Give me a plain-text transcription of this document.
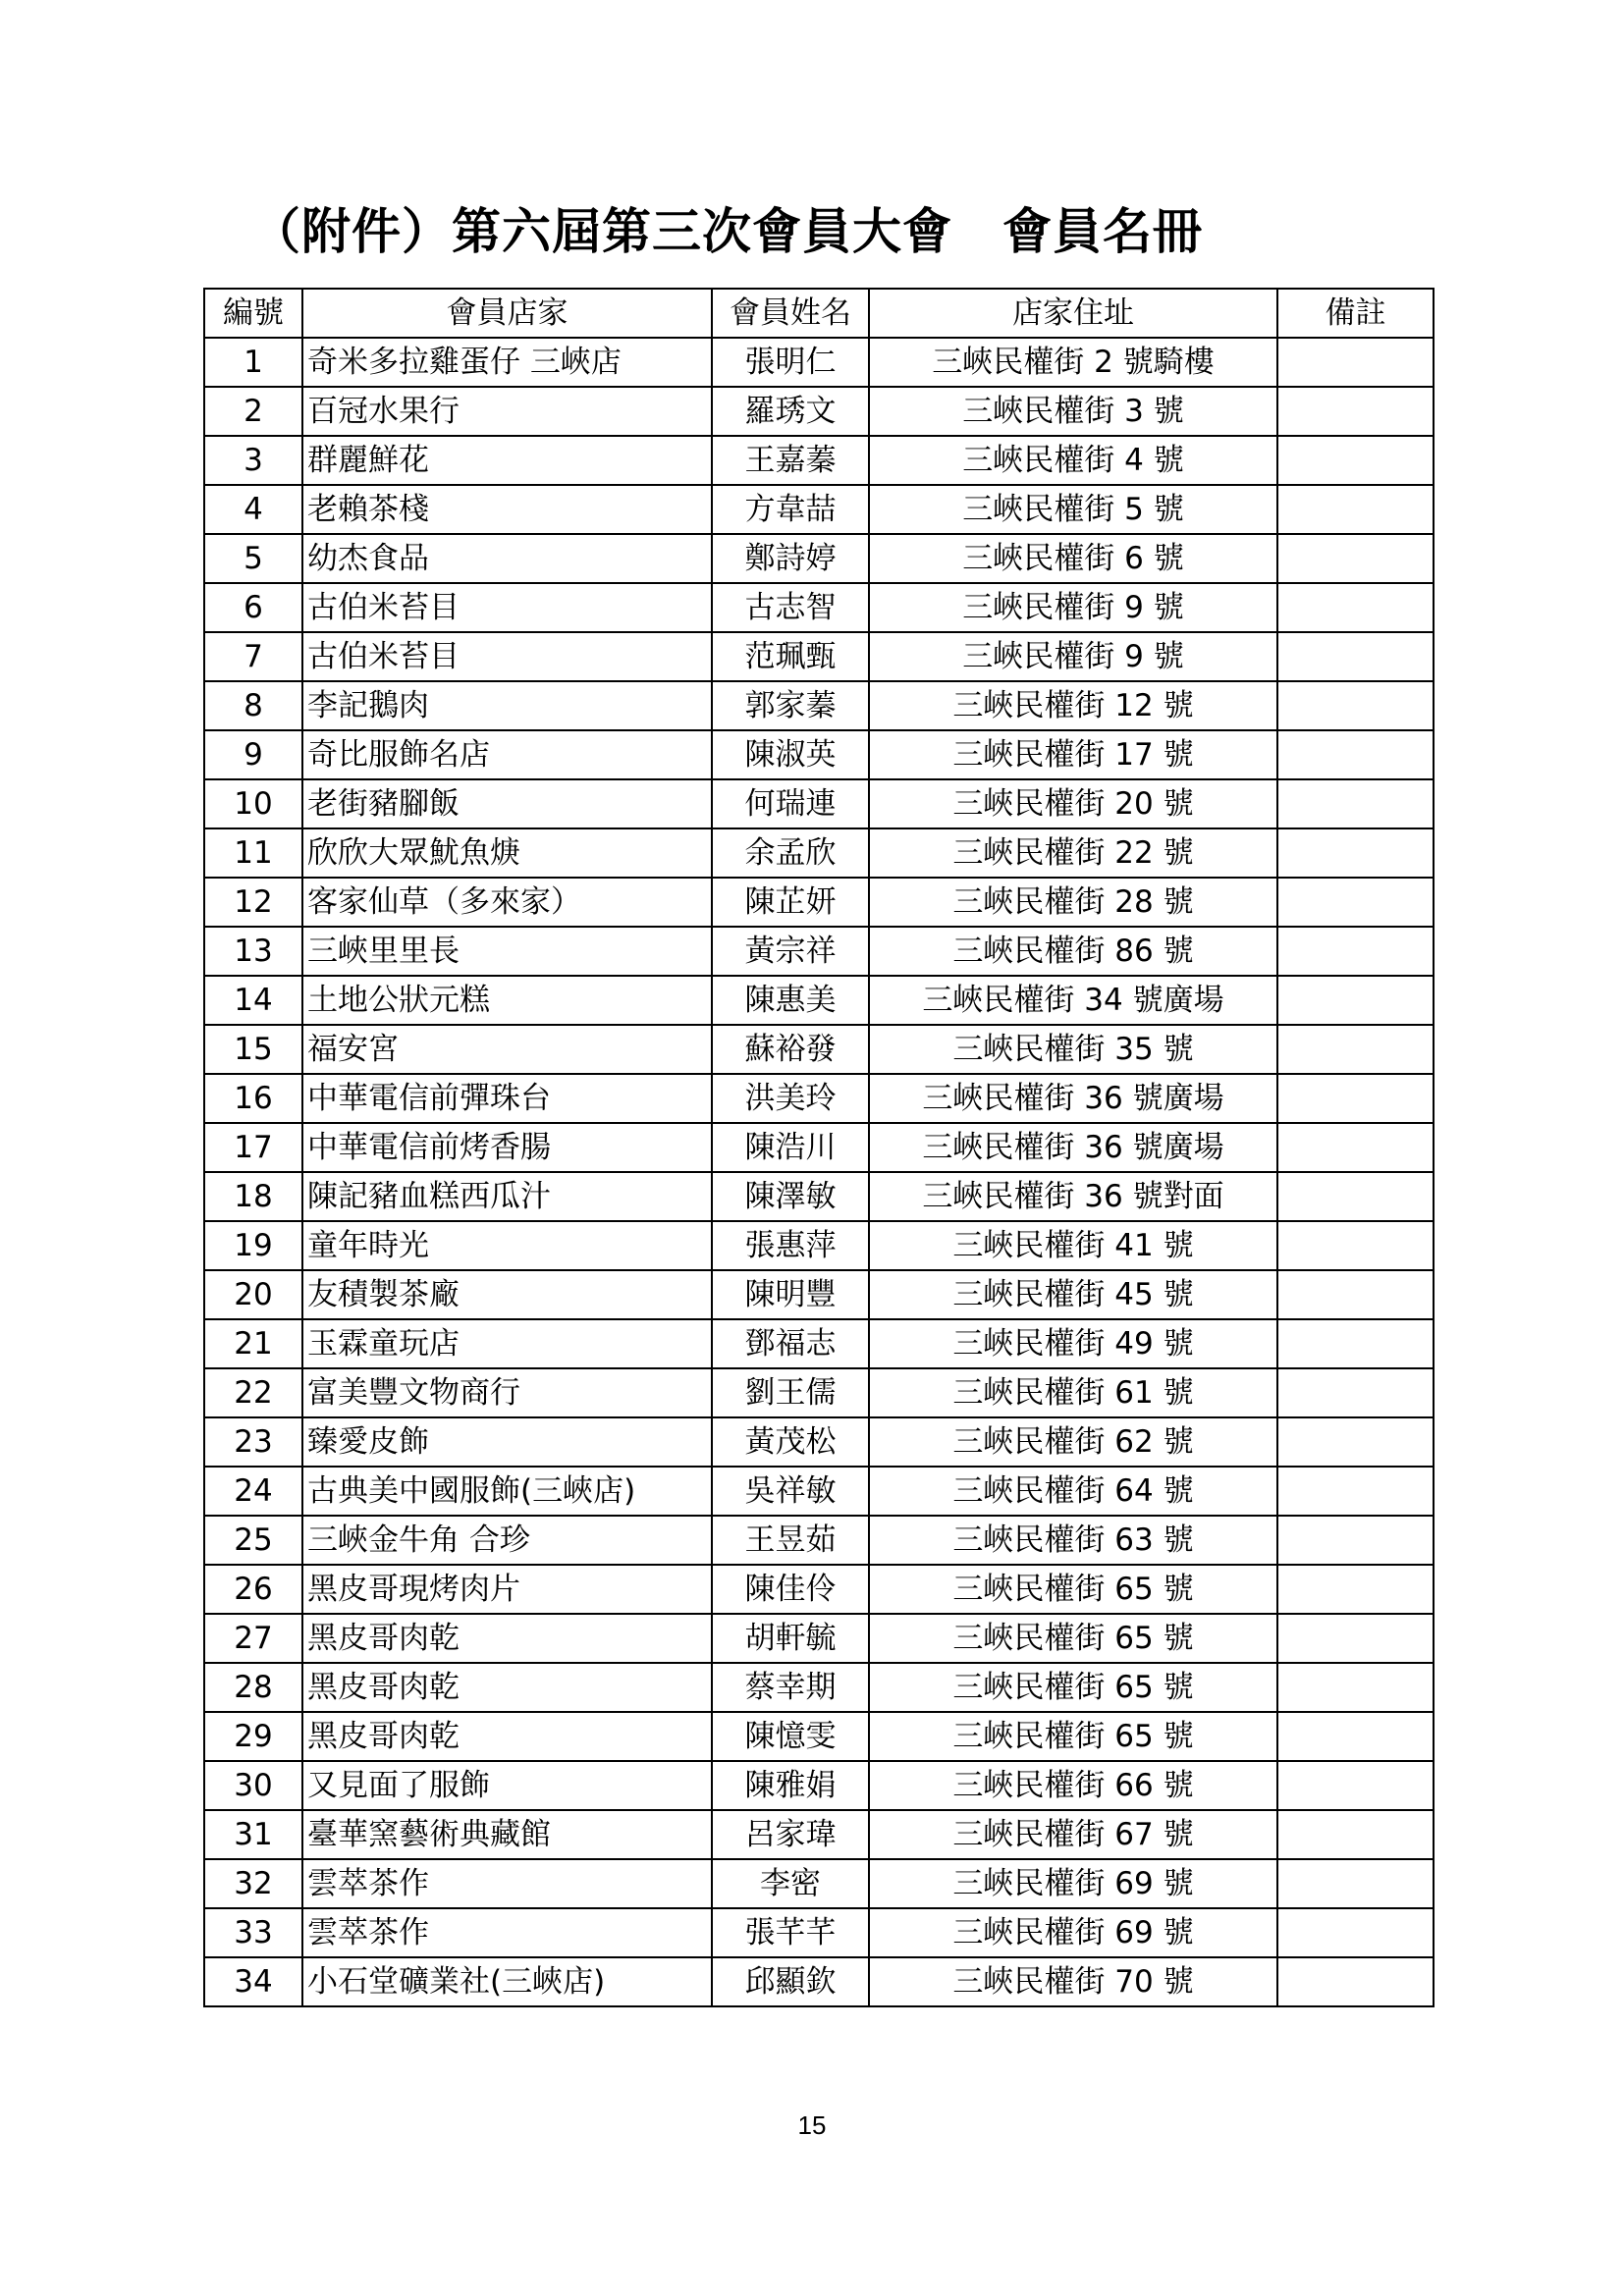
（附件）第六屆第三次會員大會　會員名冊
編號	會員店家	會員姓名	店家住址	備註
1	奇米多拉雞蛋仔 三峽店	張明仁	三峽民權街 2 號騎樓	
2	百冠水果行	羅琇文	三峽民權街 3 號	
3	群麗鮮花	王嘉蓁	三峽民權街 4 號	
4	老賴茶棧	方韋喆	三峽民權街 5 號	
5	幼杰食品	鄭詩婷	三峽民權街 6 號	
6	古伯米苔目	古志智	三峽民權街 9 號	
7	古伯米苔目	范珮甄	三峽民權街 9 號	
8	李記鵝肉	郭家蓁	三峽民權街 12 號	
9	奇比服飾名店	陳淑英	三峽民權街 17 號	
10	老街豬腳飯	何瑞連	三峽民權街 20 號	
11	欣欣大眾魷魚焿	余孟欣	三峽民權街 22 號	
12	客家仙草（多來家）	陳芷妍	三峽民權街 28 號	
13	三峽里里長	黃宗祥	三峽民權街 86 號	
14	土地公狀元糕	陳惠美	三峽民權街 34 號廣場	
15	福安宮	蘇裕發	三峽民權街 35 號	
16	中華電信前彈珠台	洪美玲	三峽民權街 36 號廣場	
17	中華電信前烤香腸	陳浩川	三峽民權街 36 號廣場	
18	陳記豬血糕西瓜汁	陳澤敏	三峽民權街 36 號對面	
19	童年時光	張惠萍	三峽民權街 41 號	
20	友積製茶廠	陳明豐	三峽民權街 45 號	
21	玉霖童玩店	鄧福志	三峽民權街 49 號	
22	富美豐文物商行	劉王儒	三峽民權街 61 號	
23	臻愛皮飾	黃茂松	三峽民權街 62 號	
24	古典美中國服飾(三峽店)	吳祥敏	三峽民權街 64 號	
25	三峽金牛角 合珍	王昱茹	三峽民權街 63 號	
26	黑皮哥現烤肉片	陳佳伶	三峽民權街 65 號	
27	黑皮哥肉乾	胡軒毓	三峽民權街 65 號	
28	黑皮哥肉乾	蔡幸期	三峽民權街 65 號	
29	黑皮哥肉乾	陳憶雯	三峽民權街 65 號	
30	又見面了服飾	陳雅娟	三峽民權街 66 號	
31	臺華窯藝術典藏館	呂家瑋	三峽民權街 67 號	
32	雲萃茶作	李密	三峽民權街 69 號	
33	雲萃茶作	張芊芊	三峽民權街 69 號	
34	小石堂礦業社(三峽店)	邱顯欽	三峽民權街 70 號	
15
